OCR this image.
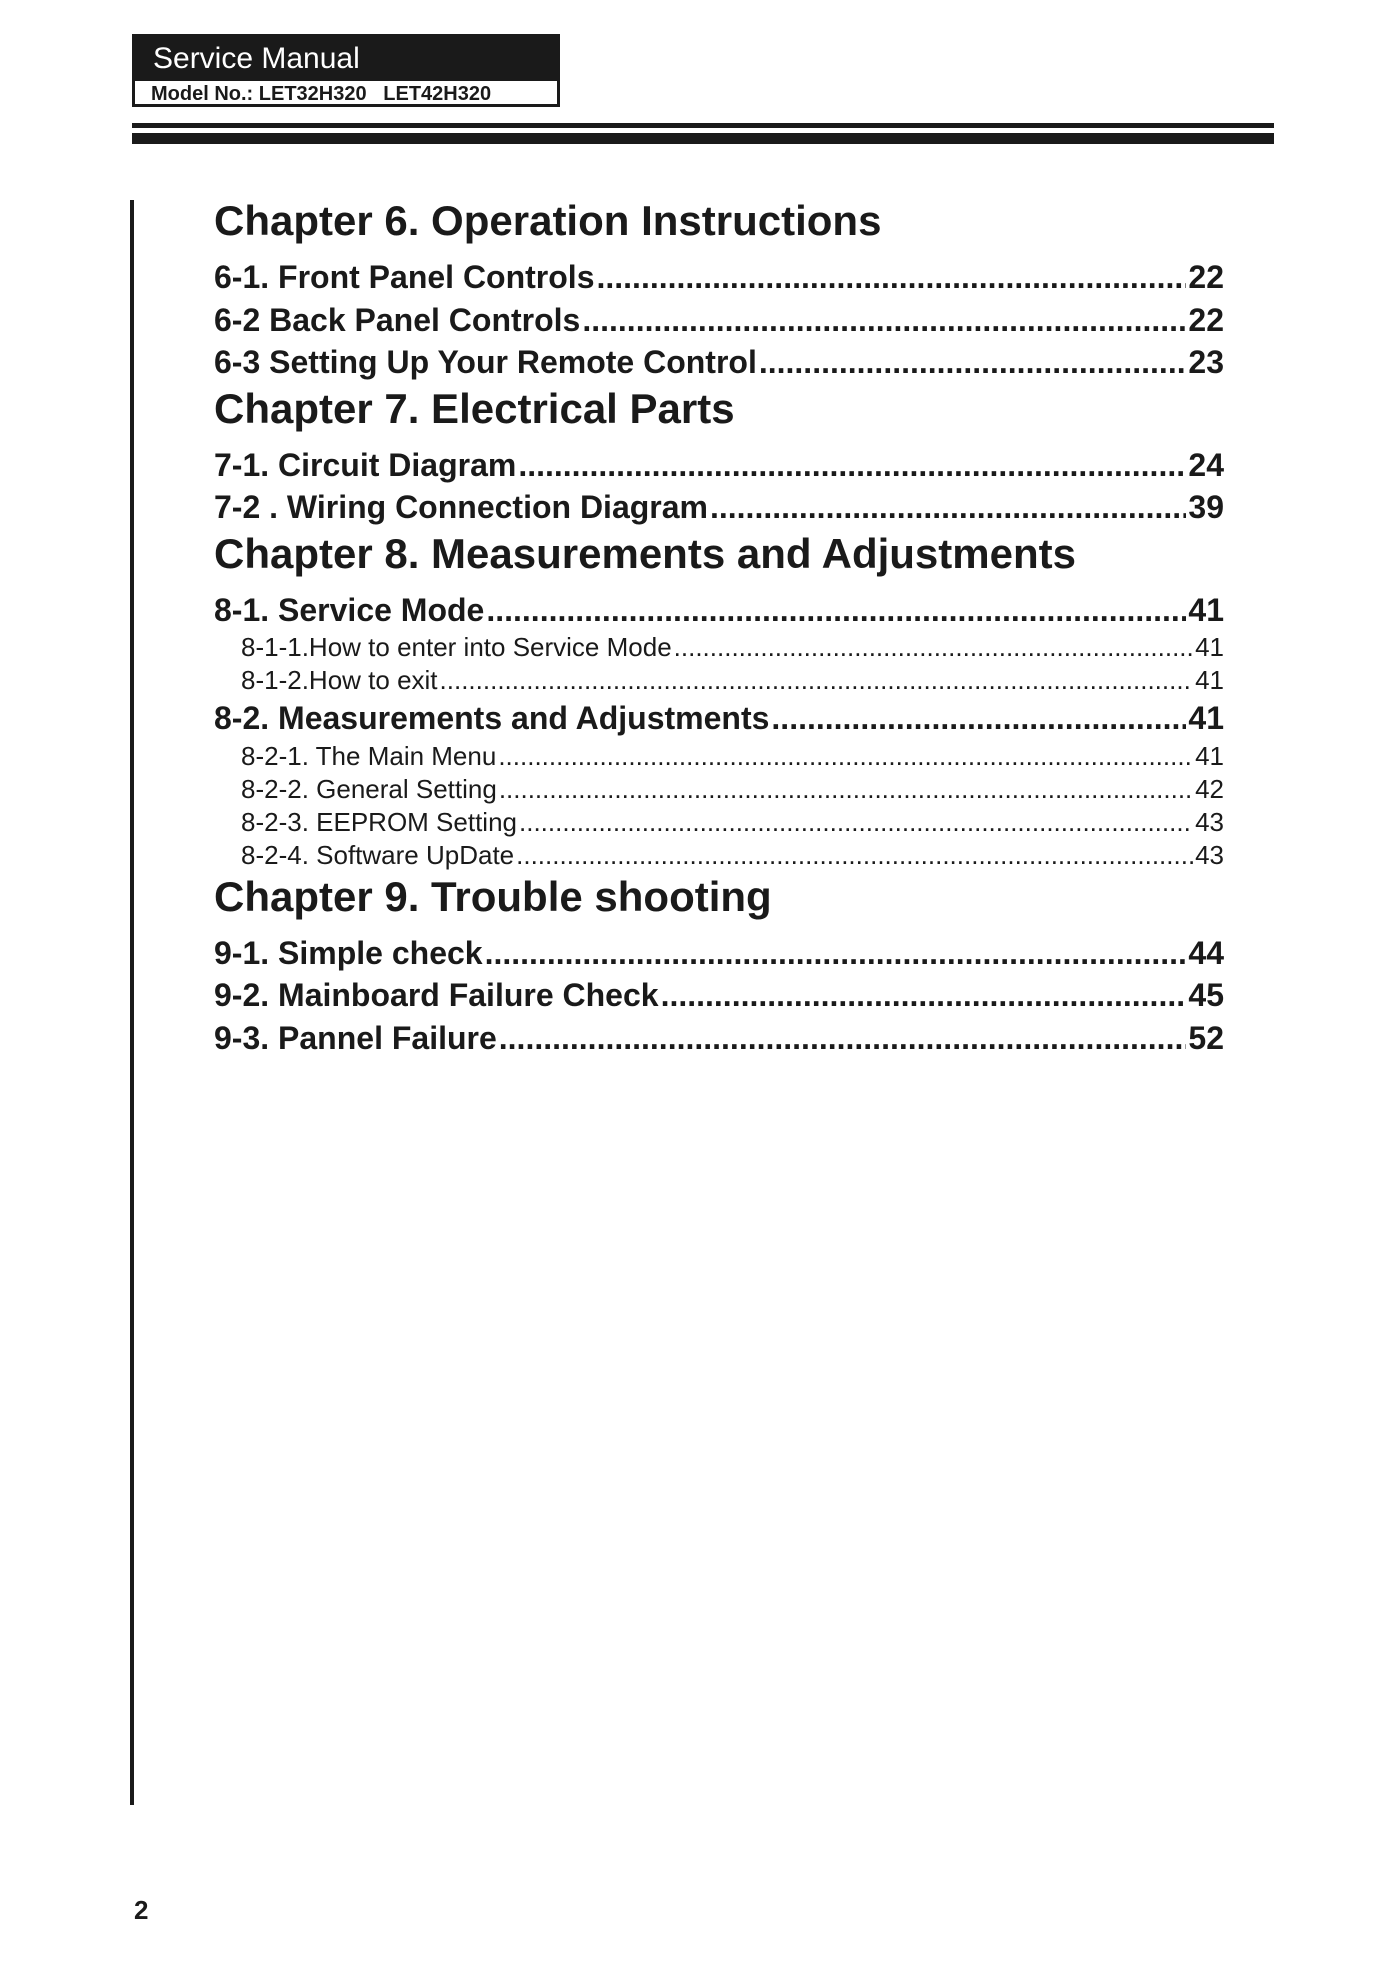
Service Manual
Model No.: LET32H320   LET42H320
Chapter 6. Operation Instructions
6-1. Front Panel Controls .....	22
6-2 Back Panel Controls .....	22
6-3 Setting Up Your Remote Control .....	23
Chapter 7. Electrical Parts
7-1. Circuit Diagram .....	24
7-2 . Wiring Connection Diagram .....	39
Chapter 8. Measurements and Adjustments
8-1. Service Mode .....	41
8-1-1.How to enter into Service Mode .....	41
8-1-2.How to exit .....	41
8-2. Measurements and Adjustments .....	41
8-2-1. The Main Menu .....	41
8-2-2. General Setting .....	42
8-2-3. EEPROM Setting .....	43
8-2-4. Software UpDate .....	43
Chapter 9. Trouble shooting
9-1. Simple check .....	44
9-2. Mainboard Failure Check .....	45
9-3. Pannel Failure .....	52
2
